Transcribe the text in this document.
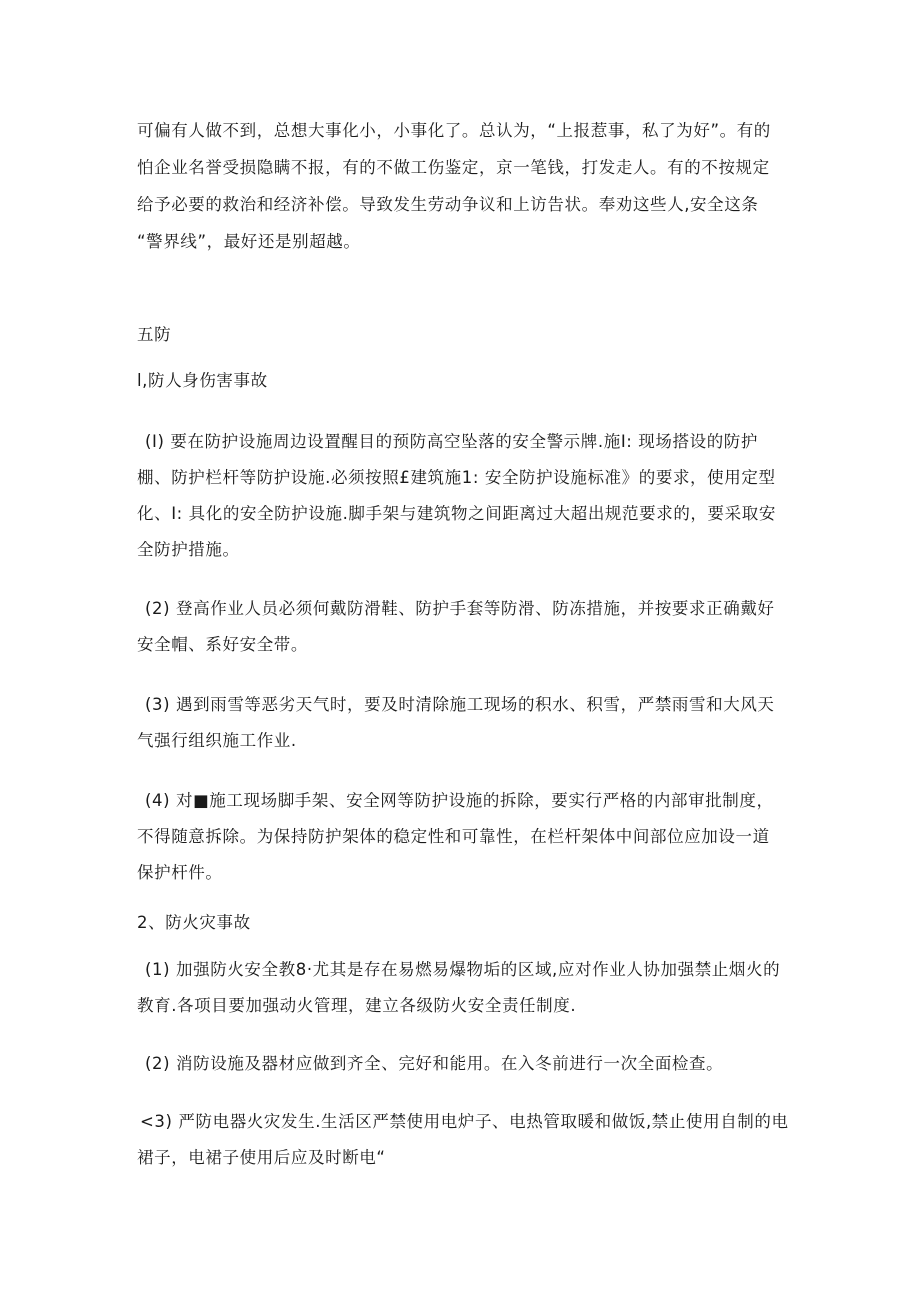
可偏有人做不到，总想大事化小，小事化了。总认为，“上报惹事，私了为好”。有的
怕企业名誉受损隐瞒不报，有的不做工伤鉴定，京一笔钱，打发走人。有的不按规定
给予必要的救治和经济补偿。导致发生劳动争议和上访告状。奉劝这些人,安全这条
“警界线”，最好还是别超越。
五防
l,防人身伤害事故
(I) 要在防护设施周边设置醒目的预防高空坠落的安全警示牌.施I: 现场搭设的防护
棚、防护栏杆等防护设施.必须按照£建筑施1: 安全防护设施标准》的要求，使用定型
化、I: 具化的安全防护设施.脚手架与建筑物之间距离过大超出规范要求的，要采取安
全防护措施。
(2) 登高作业人员必须何戴防滑鞋、防护手套等防滑、防冻措施，并按要求正确戴好
安全帽、系好安全带。
(3) 遇到雨雪等恶劣天气时，要及时清除施工现场的积水、积雪，严禁雨雪和大风天
气强行组织施工作业.
(4) 对■施工现场脚手架、安全网等防护设施的拆除，要实行严格的内部审批制度，
不得随意拆除。为保持防护架体的稳定性和可靠性，在栏杆架体中间部位应加设一道
保护杆件。
2、防火灾事故
(1) 加强防火安全教8·尤其是存在易燃易爆物垢的区域,应对作业人协加强禁止烟火的
教育.各项目要加强动火管理，建立各级防火安全责任制度.
(2) 消防设施及器材应做到齐全、完好和能用。在入冬前进行一次全面检查。
<3) 严防电器火灾发生.生活区严禁使用电炉子、电热管取暖和做饭,禁止使用自制的电
裙子，电裙子使用后应及时断电“
